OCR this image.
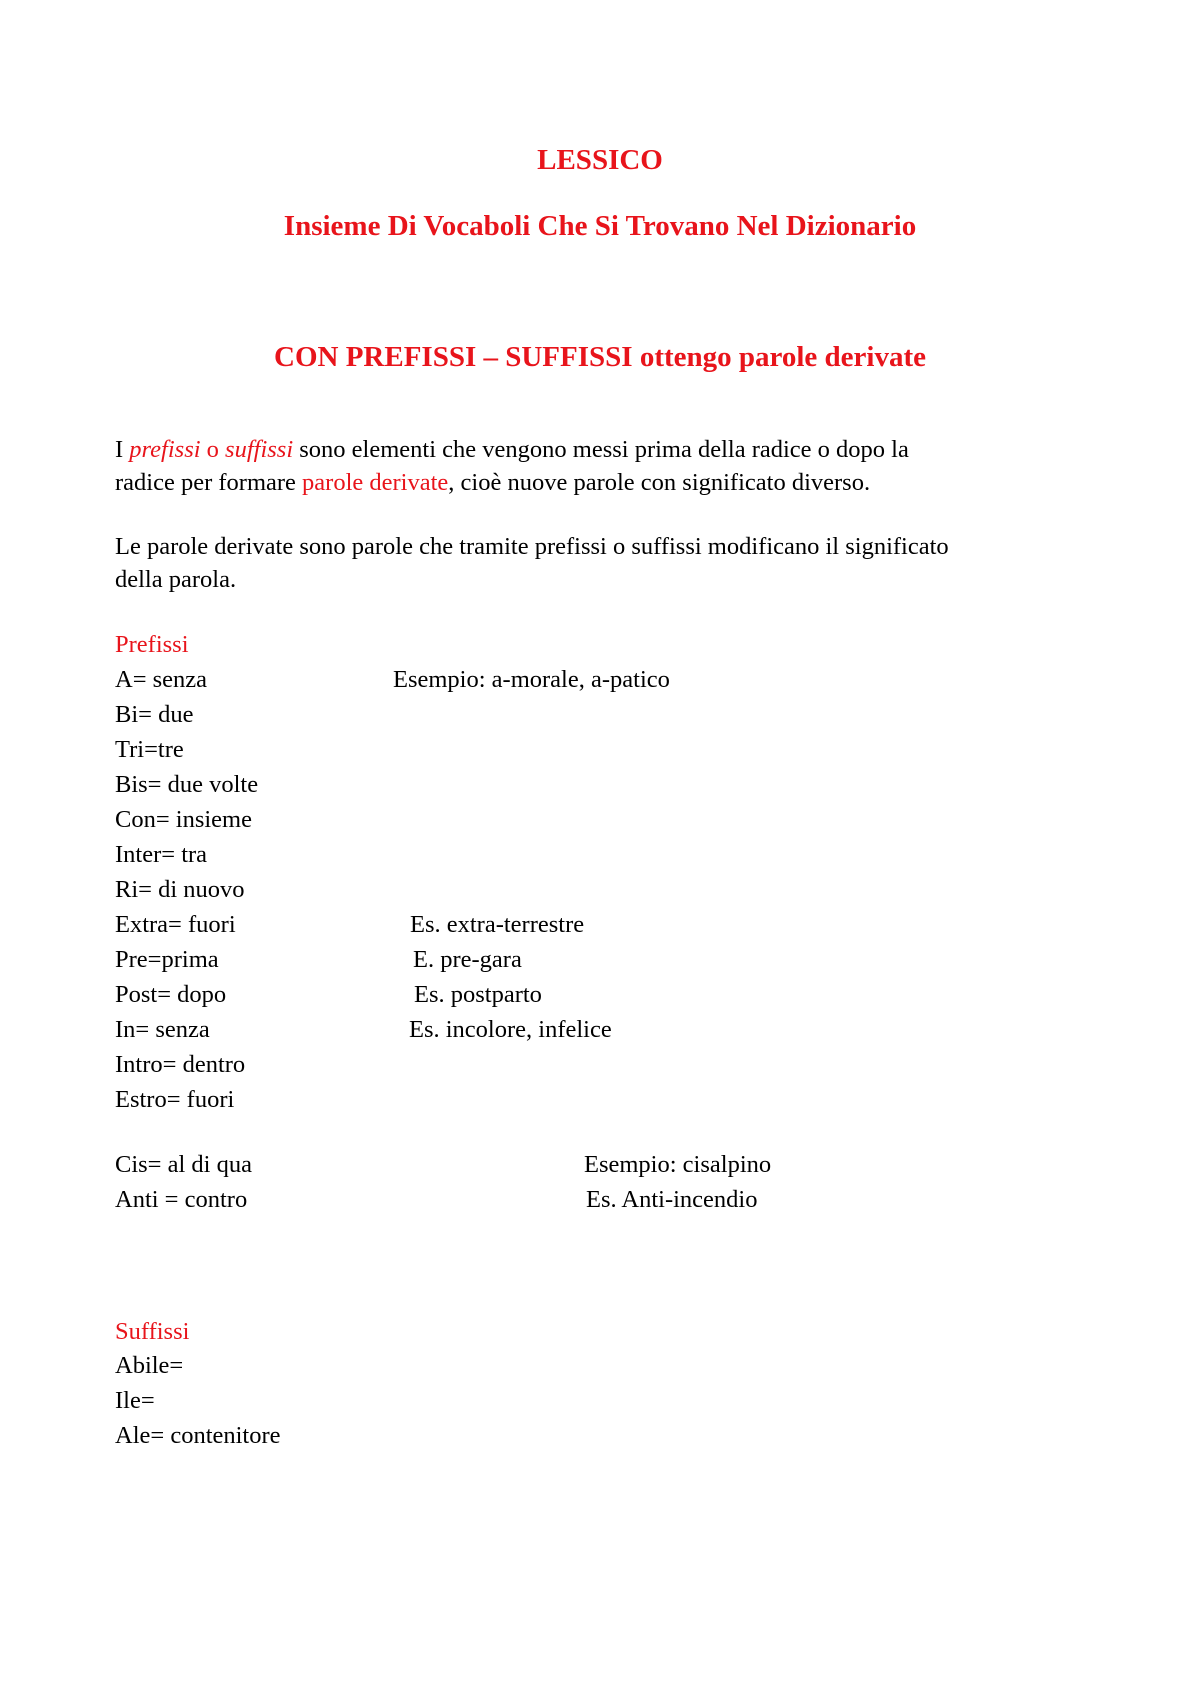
LESSICO
Insieme Di Vocaboli Che Si Trovano Nel Dizionario
CON PREFISSI – SUFFISSI ottengo parole derivate
I prefissi o suffissi sono elementi che vengono messi prima della radice o dopo la
radice per formare parole derivate, cioè nuove parole con significato diverso.
Le parole derivate sono parole che tramite prefissi o suffissi modificano il significato
della parola.
Prefissi
A= senza	Esempio: a-morale, a-patico
Bi= due
Tri=tre
Bis= due volte
Con= insieme
Inter= tra
Ri= di nuovo
Extra= fuori	Es. extra-terrestre
Pre=prima	E. pre-gara
Post= dopo	Es. postparto
In= senza	Es. incolore, infelice
Intro= dentro
Estro= fuori
Cis= al di qua	Esempio: cisalpino
Anti = contro	Es. Anti-incendio
Suffissi
Abile=
Ile=
Ale= contenitore
